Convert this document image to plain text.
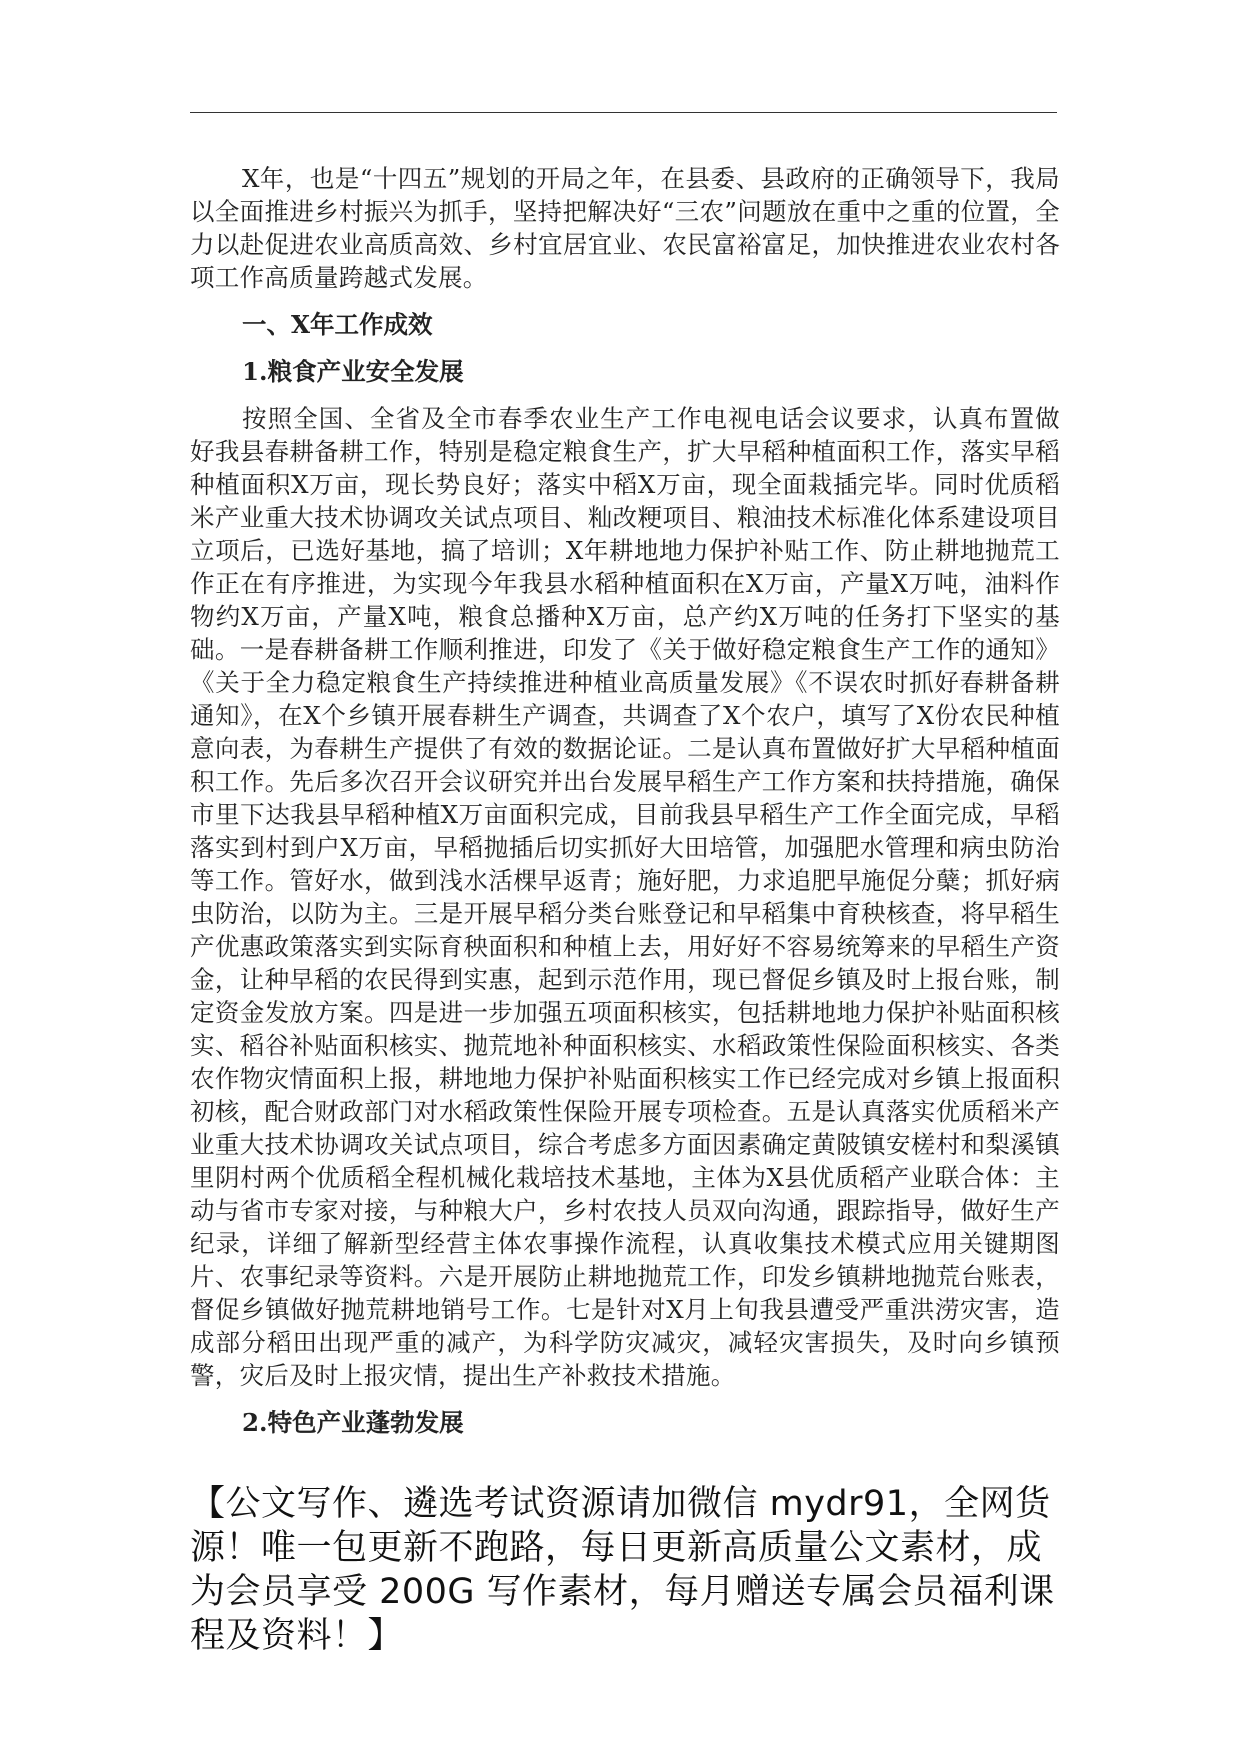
X年，也是“十四五”规划的开局之年，在县委、县政府的正确领导下，我局以全面推进乡村振兴为抓手，坚持把解决好“三农”问题放在重中之重的位置，全力以赴促进农业高质高效、乡村宜居宜业、农民富裕富足，加快推进农业农村各项工作高质量跨越式发展。

一、X年工作成效

1.粮食产业安全发展

按照全国、全省及全市春季农业生产工作电视电话会议要求，认真布置做好我县春耕备耕工作，特别是稳定粮食生产，扩大早稻种植面积工作，落实早稻种植面积X万亩，现长势良好；落实中稻X万亩，现全面栽插完毕。同时优质稻米产业重大技术协调攻关试点项目、籼改粳项目、粮油技术标准化体系建设项目立项后，已选好基地，搞了培训；X年耕地地力保护补贴工作、防止耕地抛荒工作正在有序推进，为实现今年我县水稻种植面积在X万亩，产量X万吨，油料作物约X万亩，产量X吨，粮食总播种X万亩，总产约X万吨的任务打下坚实的基础。一是春耕备耕工作顺利推进，印发了《关于做好稳定粮食生产工作的通知》《关于全力稳定粮食生产持续推进种植业高质量发展》《不误农时抓好春耕备耕通知》，在X个乡镇开展春耕生产调查，共调查了X个农户，填写了X份农民种植意向表，为春耕生产提供了有效的数据论证。二是认真布置做好扩大早稻种植面积工作。先后多次召开会议研究并出台发展早稻生产工作方案和扶持措施，确保市里下达我县早稻种植X万亩面积完成，目前我县早稻生产工作全面完成，早稻落实到村到户X万亩，早稻抛插后切实抓好大田培管，加强肥水管理和病虫防治等工作。管好水，做到浅水活棵早返青；施好肥，力求追肥早施促分蘖；抓好病虫防治，以防为主。三是开展早稻分类台账登记和早稻集中育秧核查，将早稻生产优惠政策落实到实际育秧面积和种植上去，用好好不容易统筹来的早稻生产资金，让种早稻的农民得到实惠，起到示范作用，现已督促乡镇及时上报台账，制定资金发放方案。四是进一步加强五项面积核实，包括耕地地力保护补贴面积核实、稻谷补贴面积核实、抛荒地补种面积核实、水稻政策性保险面积核实、各类农作物灾情面积上报，耕地地力保护补贴面积核实工作已经完成对乡镇上报面积初核，配合财政部门对水稻政策性保险开展专项检查。五是认真落实优质稻米产业重大技术协调攻关试点项目，综合考虑多方面因素确定黄陂镇安槎村和梨溪镇里阴村两个优质稻全程机械化栽培技术基地，主体为X县优质稻产业联合体：主动与省市专家对接，与种粮大户，乡村农技人员双向沟通，跟踪指导，做好生产纪录，详细了解新型经营主体农事操作流程，认真收集技术模式应用关键期图片、农事纪录等资料。六是开展防止耕地抛荒工作，印发乡镇耕地抛荒台账表，督促乡镇做好抛荒耕地销号工作。七是针对X月上旬我县遭受严重洪涝灾害，造成部分稻田出现严重的减产，为科学防灾减灾，减轻灾害损失，及时向乡镇预警，灾后及时上报灾情，提出生产补救技术措施。

2.特色产业蓬勃发展

【公文写作、遴选考试资源请加微信 mydr91，全网货源！唯一包更新不跑路，每日更新高质量公文素材，成为会员享受 200G 写作素材，每月赠送专属会员福利课程及资料！】
